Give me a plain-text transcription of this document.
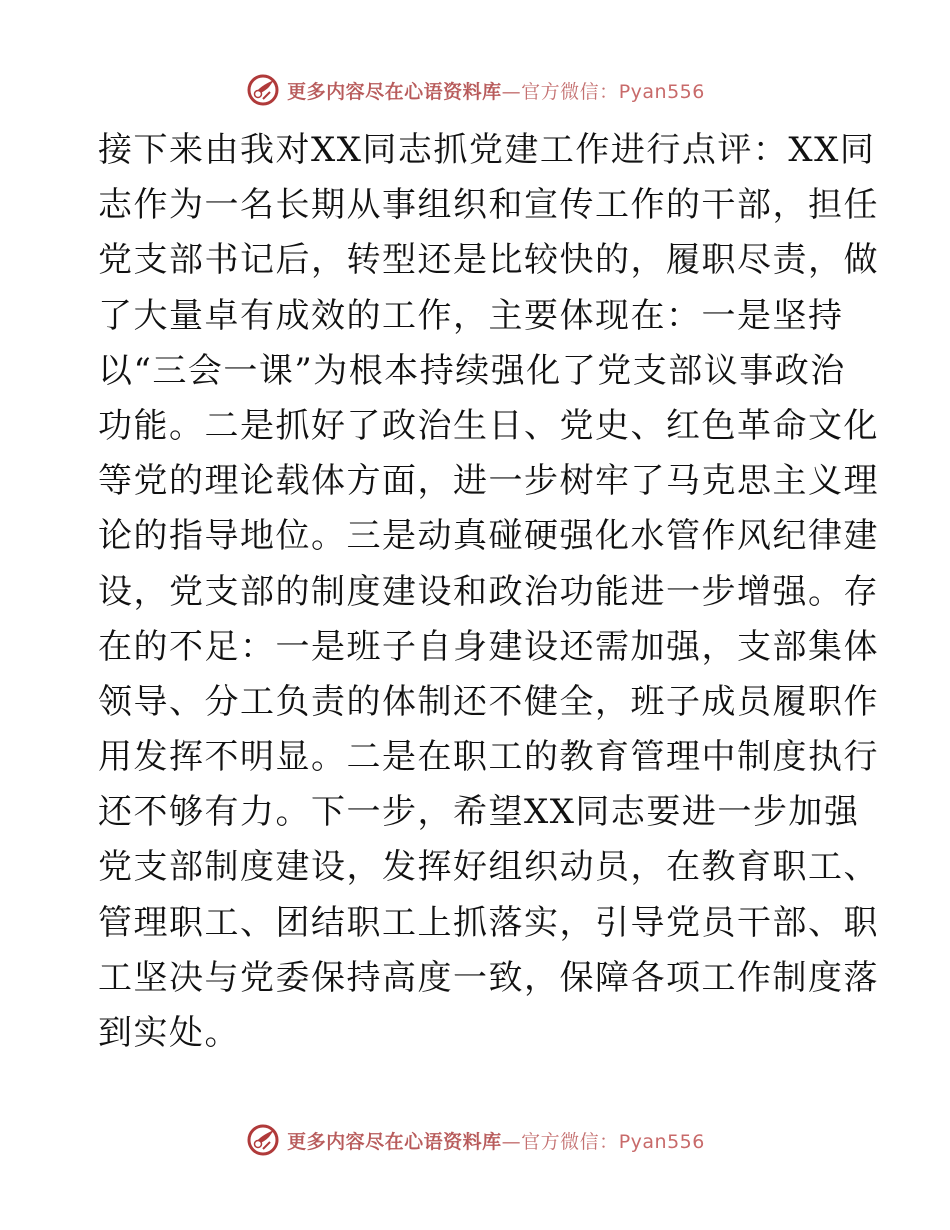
更多内容尽在心语资料库—官方微信：Pyan556
接下来由我对XX同志抓党建工作进行点评：XX同
志作为一名长期从事组织和宣传工作的干部，担任
党支部书记后，转型还是比较快的，履职尽责，做
了大量卓有成效的工作，主要体现在：一是坚持
以“三会一课”为根本持续强化了党支部议事政治
功能。二是抓好了政治生日、党史、红色革命文化
等党的理论载体方面，进一步树牢了马克思主义理
论的指导地位。三是动真碰硬强化水管作风纪律建
设，党支部的制度建设和政治功能进一步增强。存
在的不足：一是班子自身建设还需加强，支部集体
领导、分工负责的体制还不健全，班子成员履职作
用发挥不明显。二是在职工的教育管理中制度执行
还不够有力。下一步，希望XX同志要进一步加强
党支部制度建设，发挥好组织动员，在教育职工、
管理职工、团结职工上抓落实，引导党员干部、职
工坚决与党委保持高度一致，保障各项工作制度落
到实处。
更多内容尽在心语资料库—官方微信：Pyan556
